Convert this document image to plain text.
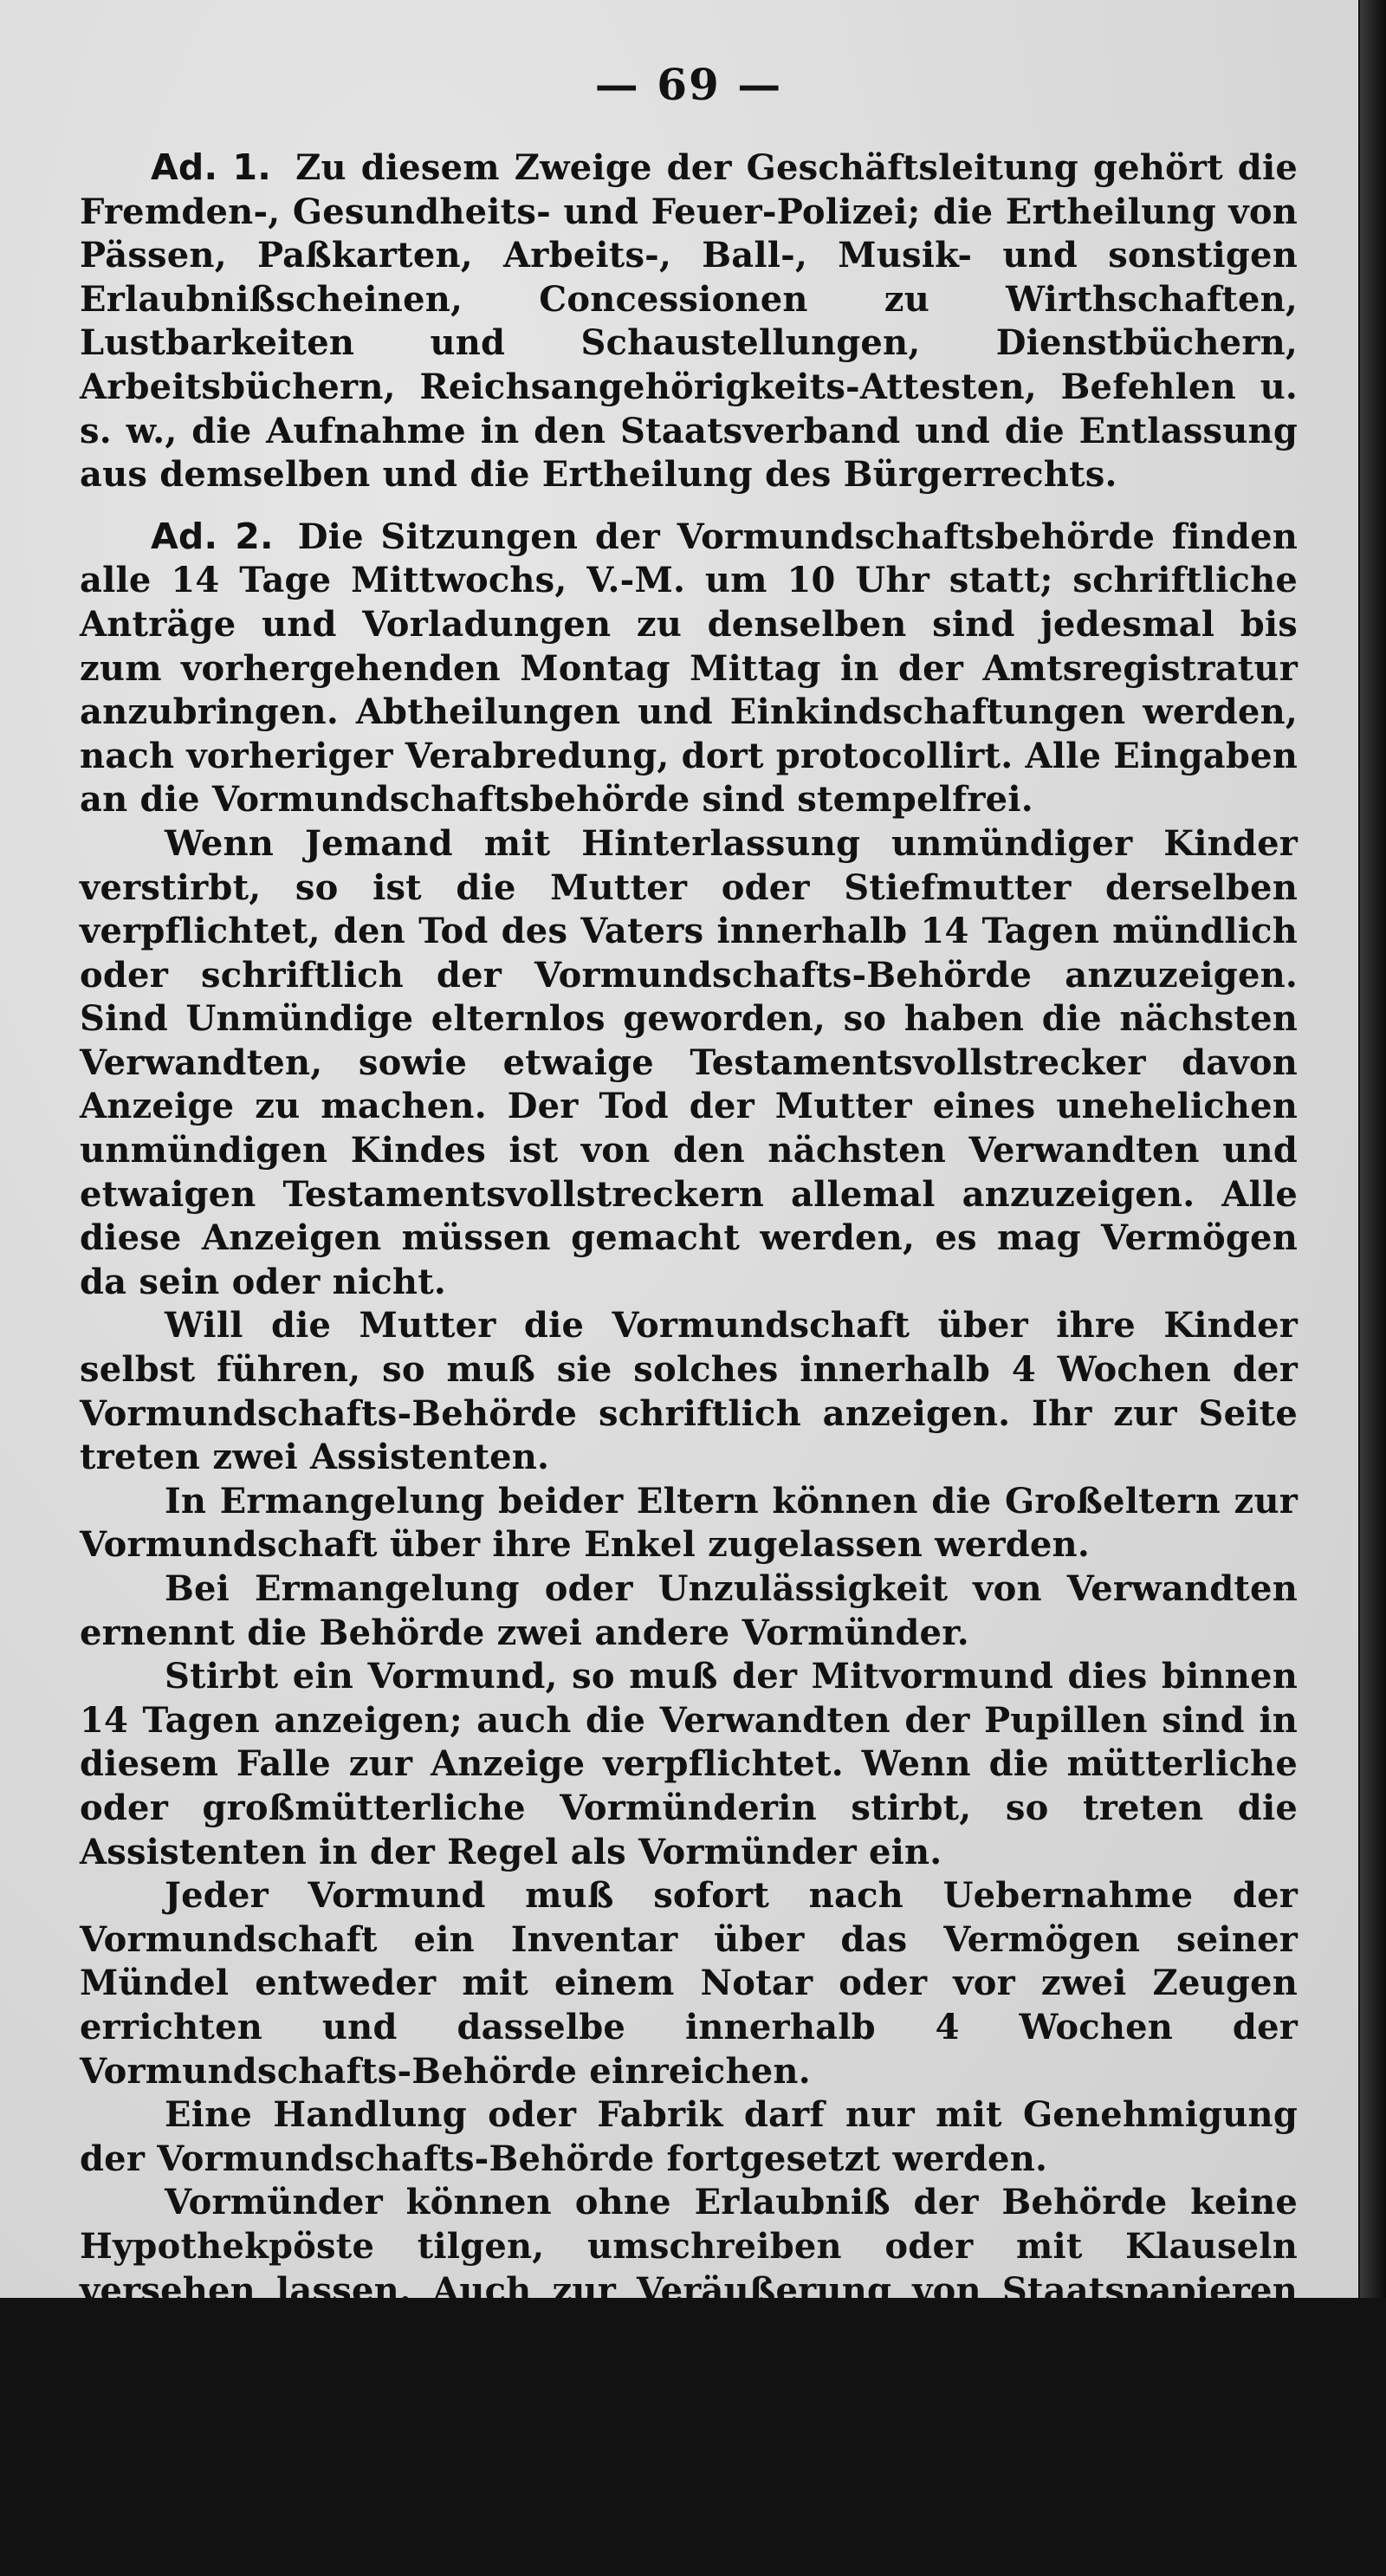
— 69 —

Ad. 1. Zu diesem Zweige der Geschäftsleitung gehört die Fremden-, Gesundheits- und Feuer-Polizei; die Ertheilung von Pässen, Paßkarten, Arbeits-, Ball-, Musik- und sonstigen Erlaubnißscheinen, Concessionen zu Wirthschaften, Lustbarkeiten und Schaustellungen, Dienstbüchern, Arbeitsbüchern, Reichsangehörigkeits-Attesten, Befehlen u. s. w., die Aufnahme in den Staatsverband und die Entlassung aus demselben und die Ertheilung des Bürgerrechts.

Ad. 2. Die Sitzungen der Vormundschaftsbehörde finden alle 14 Tage Mittwochs, V.-M. um 10 Uhr statt; schriftliche Anträge und Vorladungen zu denselben sind jedesmal bis zum vorhergehenden Montag Mittag in der Amtsregistratur anzubringen. Abtheilungen und Einkindschaftungen werden, nach vorheriger Verabredung, dort protocollirt. Alle Eingaben an die Vormundschaftsbehörde sind stempelfrei.

Wenn Jemand mit Hinterlassung unmündiger Kinder verstirbt, so ist die Mutter oder Stiefmutter derselben verpflichtet, den Tod des Vaters innerhalb 14 Tagen mündlich oder schriftlich der Vormundschafts-Behörde anzuzeigen. Sind Unmündige elternlos geworden, so haben die nächsten Verwandten, sowie etwaige Testamentsvollstrecker davon Anzeige zu machen. Der Tod der Mutter eines unehelichen unmündigen Kindes ist von den nächsten Verwandten und etwaigen Testamentsvollstreckern allemal anzuzeigen. Alle diese Anzeigen müssen gemacht werden, es mag Vermögen da sein oder nicht.

Will die Mutter die Vormundschaft über ihre Kinder selbst führen, so muß sie solches innerhalb 4 Wochen der Vormundschafts-Behörde schriftlich anzeigen. Ihr zur Seite treten zwei Assistenten.

In Ermangelung beider Eltern können die Großeltern zur Vormundschaft über ihre Enkel zugelassen werden.

Bei Ermangelung oder Unzulässigkeit von Verwandten ernennt die Behörde zwei andere Vormünder.

Stirbt ein Vormund, so muß der Mitvormund dies binnen 14 Tagen anzeigen; auch die Verwandten der Pupillen sind in diesem Falle zur Anzeige verpflichtet. Wenn die mütterliche oder großmütterliche Vormünderin stirbt, so treten die Assistenten in der Regel als Vormünder ein.

Jeder Vormund muß sofort nach Uebernahme der Vormundschaft ein Inventar über das Vermögen seiner Mündel entweder mit einem Notar oder vor zwei Zeugen errichten und dasselbe innerhalb 4 Wochen der Vormundschafts-Behörde einreichen.

Eine Handlung oder Fabrik darf nur mit Genehmigung der Vormundschafts-Behörde fortgesetzt werden.

Vormünder können ohne Erlaubniß der Behörde keine Hypothekpöste tilgen, umschreiben oder mit Klauseln versehen lassen. Auch zur Veräußerung von Staatspapieren und Erhebung von bei der Sparkasse belegten Geldern bedürfen sie der Zustimmung der Behörde.

Jeder verwaltende Vormund hat ein Vormünderbuch zu führen. Der nicht administrirende Vormund kann zu jeder Zeit bei der Vormundschafts-Behörde auf Rechnungsablage des verwaltenden Vormundes antragen.
